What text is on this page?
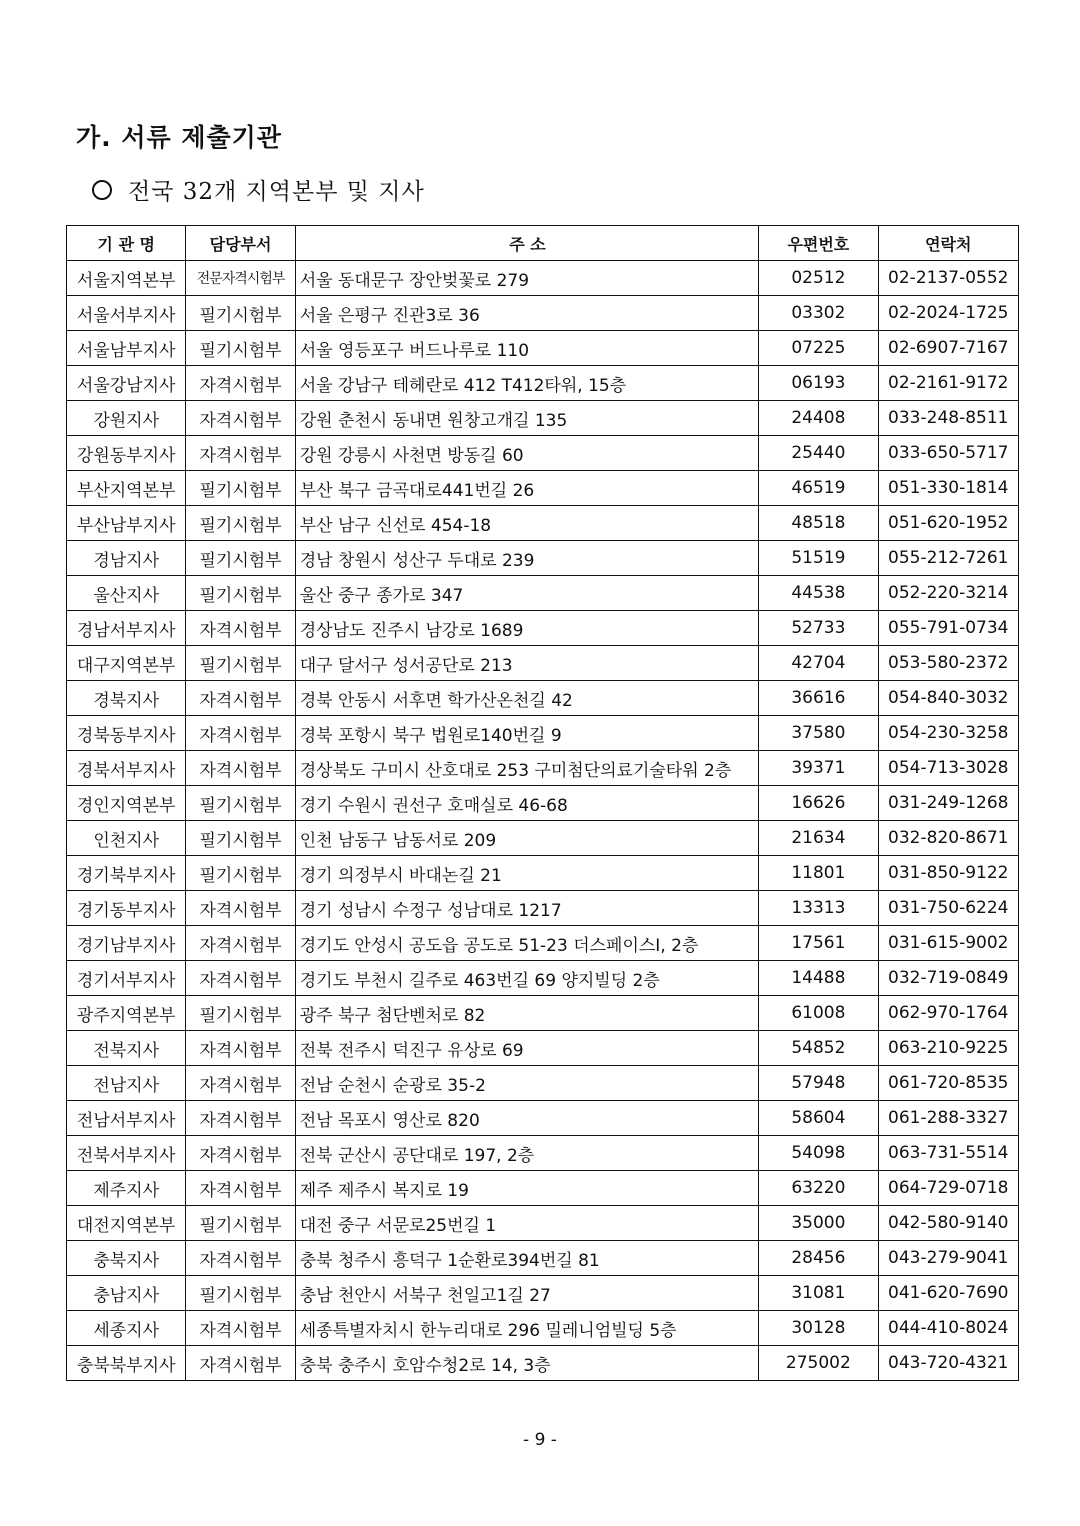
가. 서류 제출기관
전국 32개 지역본부 및 지사
기 관 명	담당부서	주 소	우편번호	연락처
서울지역본부	전문자격시험부	서울 동대문구 장안벚꽃로 279	02512	02-2137-0552
서울서부지사	필기시험부	서울 은평구 진관3로 36	03302	02-2024-1725
서울남부지사	필기시험부	서울 영등포구 버드나루로 110	07225	02-6907-7167
서울강남지사	자격시험부	서울 강남구 테헤란로 412 T412타워, 15층	06193	02-2161-9172
강원지사	자격시험부	강원 춘천시 동내면 원창고개길 135	24408	033-248-8511
강원동부지사	자격시험부	강원 강릉시 사천면 방동길 60	25440	033-650-5717
부산지역본부	필기시험부	부산 북구 금곡대로441번길 26	46519	051-330-1814
부산남부지사	필기시험부	부산 남구 신선로 454-18	48518	051-620-1952
경남지사	필기시험부	경남 창원시 성산구 두대로 239	51519	055-212-7261
울산지사	필기시험부	울산 중구 종가로 347	44538	052-220-3214
경남서부지사	자격시험부	경상남도 진주시 남강로 1689	52733	055-791-0734
대구지역본부	필기시험부	대구 달서구 성서공단로 213	42704	053-580-2372
경북지사	자격시험부	경북 안동시 서후면 학가산온천길 42	36616	054-840-3032
경북동부지사	자격시험부	경북 포항시 북구 법원로140번길 9	37580	054-230-3258
경북서부지사	자격시험부	경상북도 구미시 산호대로 253 구미첨단의료기술타워 2층	39371	054-713-3028
경인지역본부	필기시험부	경기 수원시 권선구 호매실로 46-68	16626	031-249-1268
인천지사	필기시험부	인천 남동구 남동서로 209	21634	032-820-8671
경기북부지사	필기시험부	경기 의정부시 바대논길 21	11801	031-850-9122
경기동부지사	자격시험부	경기 성남시 수정구 성남대로 1217	13313	031-750-6224
경기남부지사	자격시험부	경기도 안성시 공도읍 공도로 51-23 더스페이스Ⅰ, 2층	17561	031-615-9002
경기서부지사	자격시험부	경기도 부천시 길주로 463번길 69 양지빌딩 2층	14488	032-719-0849
광주지역본부	필기시험부	광주 북구 첨단벤처로 82	61008	062-970-1764
전북지사	자격시험부	전북 전주시 덕진구 유상로 69	54852	063-210-9225
전남지사	자격시험부	전남 순천시 순광로 35-2	57948	061-720-8535
전남서부지사	자격시험부	전남 목포시 영산로 820	58604	061-288-3327
전북서부지사	자격시험부	전북 군산시 공단대로 197, 2층	54098	063-731-5514
제주지사	자격시험부	제주 제주시 복지로 19	63220	064-729-0718
대전지역본부	필기시험부	대전 중구 서문로25번길 1	35000	042-580-9140
충북지사	자격시험부	충북 청주시 흥덕구 1순환로394번길 81	28456	043-279-9041
충남지사	필기시험부	충남 천안시 서북구 천일고1길 27	31081	041-620-7690
세종지사	자격시험부	세종특별자치시 한누리대로 296 밀레니엄빌딩 5층	30128	044-410-8024
충북북부지사	자격시험부	충북 충주시 호암수청2로 14, 3층	275002	043-720-4321
- 9 -
